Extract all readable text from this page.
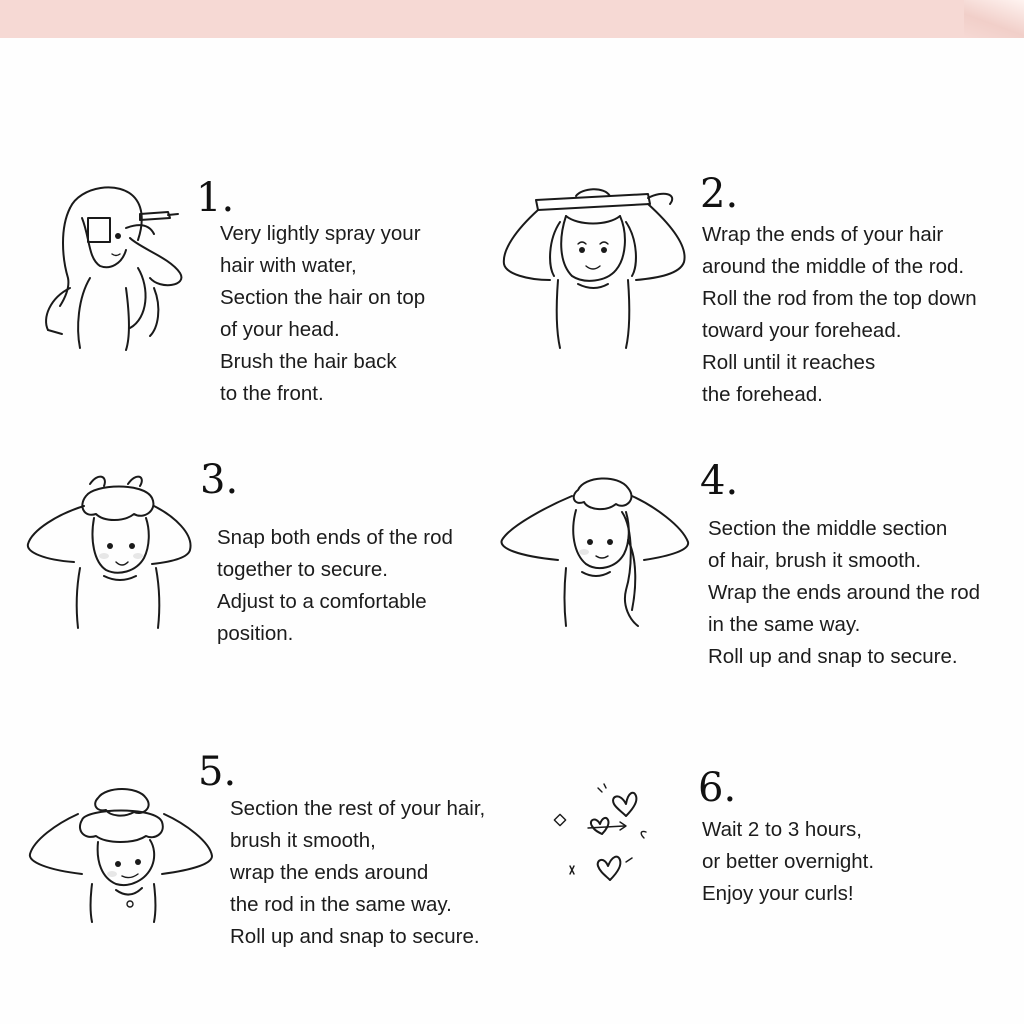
1.
Very lightly spray your
hair with water,
Section the hair on top
of your head.
Brush the hair back
to the front.
2.
Wrap the ends of your hair
around the middle of the rod.
Roll the rod from the top down
toward your forehead.
Roll until it reaches
the forehead.
3.
Snap both ends of the rod
together to secure.
Adjust to a comfortable
position.
4.
Section the middle section
of hair, brush it smooth.
Wrap the ends around the rod
in the same way.
Roll up and snap to secure.
5.
Section the rest of your hair,
brush it smooth,
wrap the ends around
the rod in the same way.
Roll up and snap to secure.
6.
Wait 2 to 3 hours,
or better overnight.
Enjoy your curls!
